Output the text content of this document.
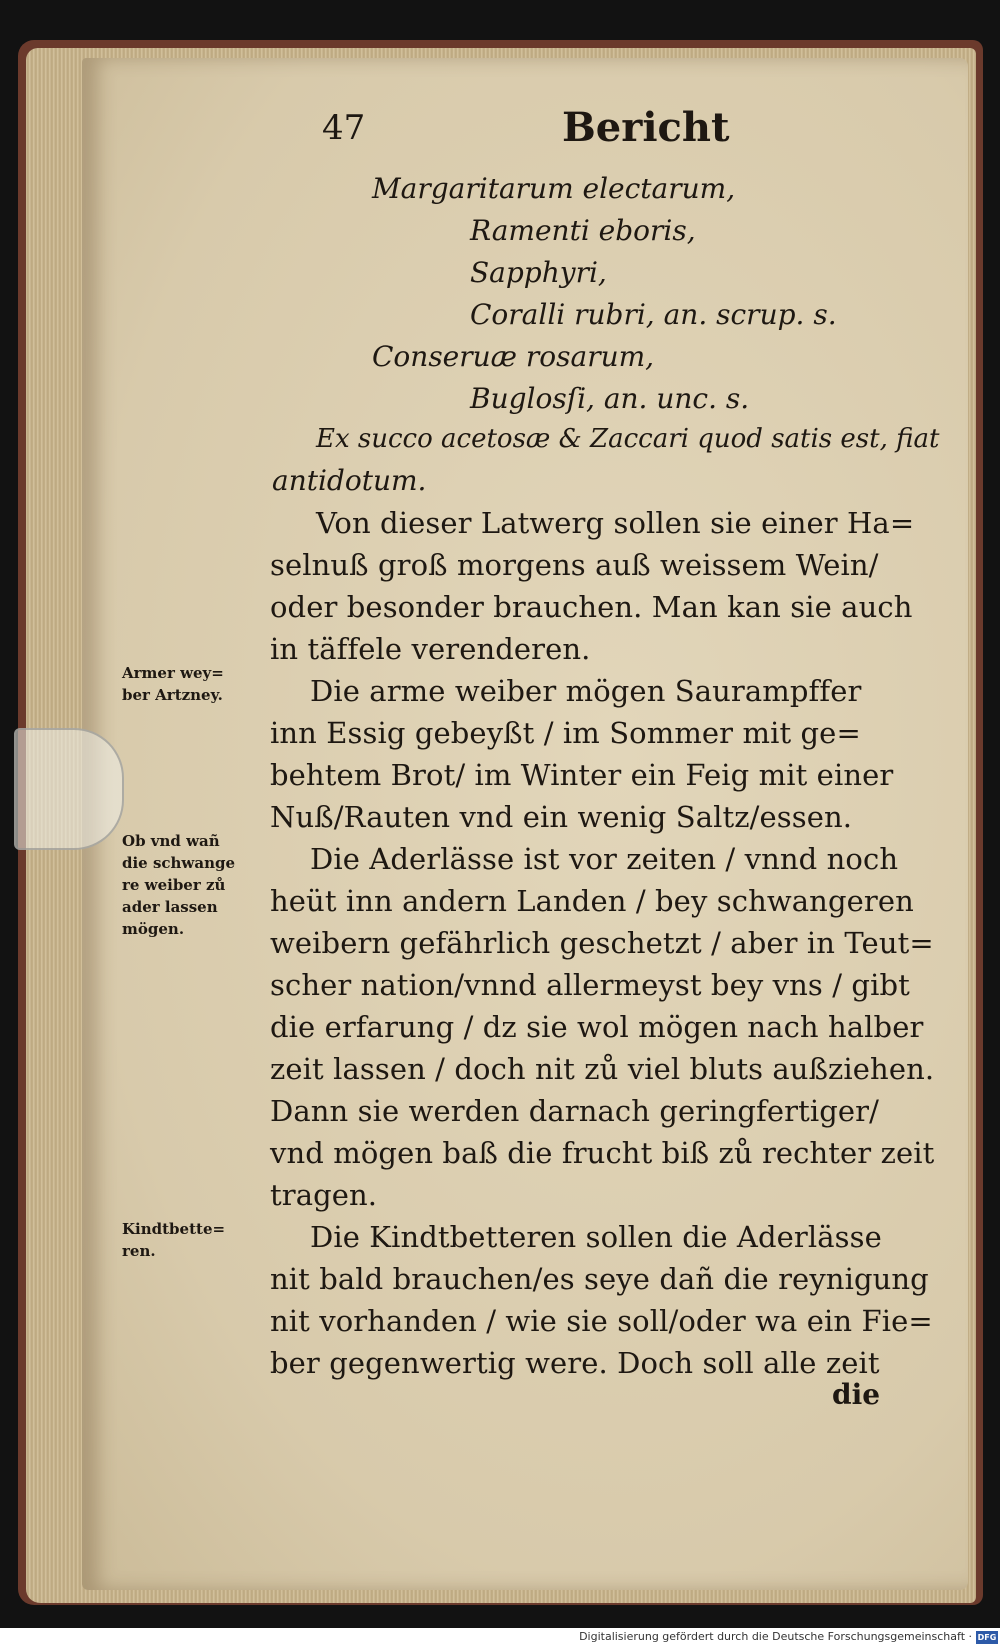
47	Bericht
Margaritarum electarum,
Ramenti eboris,
Sapphyri,
Coralli rubri, an. scrup. s.
Conseruæ rosarum,
Buglosſi, an. unc. s.
Ex succo acetosæ & Zaccari quod satis est, fiat
antidotum.
Von dieser Latwerg sollen sie einer Ha=
selnuß groß morgens auß weissem Wein/
oder besonder brauchen. Man kan sie auch
in täffele verenderen.
Die arme weiber mögen Saurampffer
inn Essig gebeyßt / im Sommer mit ge=
behtem Brot/ im Winter ein Feig mit einer
Nuß/Rauten vnd ein wenig Saltz/essen.
Die Aderlässe ist vor zeiten / vnnd noch
heüt inn andern Landen / bey schwangeren
weibern gefährlich geschetzt / aber in Teut=
scher nation/vnnd allermeyst bey vns / gibt
die erfarung / dz sie wol mögen nach halber
zeit lassen / doch nit zů viel bluts außziehen.
Dann sie werden darnach geringfertiger/
vnd mögen baß die frucht biß zů rechter zeit
tragen.
Die Kindtbetteren sollen die Aderlässe
nit bald brauchen/es seye dañ die reynigung
nit vorhanden / wie sie soll/oder wa ein Fie=
ber gegenwertig were. Doch soll alle zeit
Armer wey=
ber Artzney.
Ob vnd wañ
die schwange
re weiber zů
ader lassen
mögen.
Kindtbette=
ren.
die
Digitalisierung gefördert durch die Deutsche Forschungsgemeinschaft · DFG
